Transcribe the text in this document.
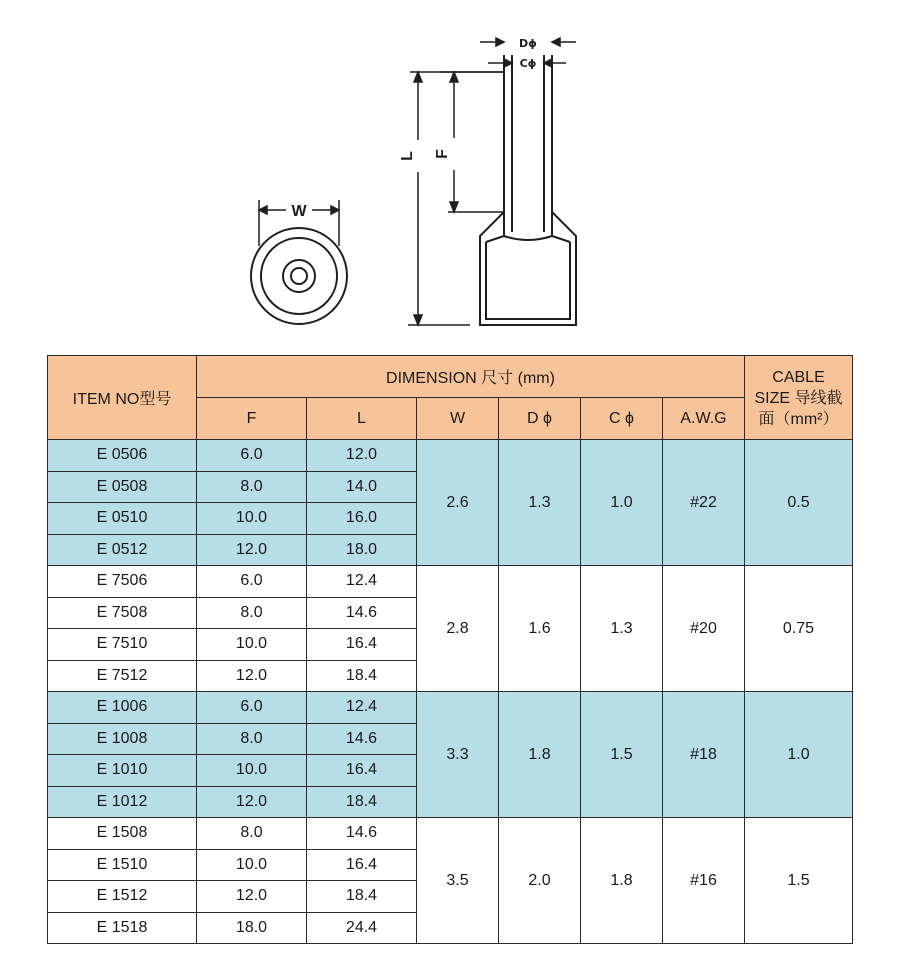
W
Dϕ
Cϕ
L F
ITEM NO型号	DIMENSION 尺寸 (mm)						CABLE
SIZE 导线截
面（mm²）

	F	L	W	D ϕ	C ϕ	A.W.G	
E 0506	6.0	12.0	2.6	1.3	1.0	#22	0.5
E 0508	8.0	14.0					
E 0510	10.0	16.0					
E 0512	12.0	18.0					
E 7506	6.0	12.4	2.8	1.6	1.3	#20	0.75
E 7508	8.0	14.6					
E 7510	10.0	16.4					
E 7512	12.0	18.4					
E 1006	6.0	12.4	3.3	1.8	1.5	#18	1.0
E 1008	8.0	14.6					
E 1010	10.0	16.4					
E 1012	12.0	18.4					
E 1508	8.0	14.6	3.5	2.0	1.8	#16	1.5
E 1510	10.0	16.4					
E 1512	12.0	18.4					
E 1518	18.0	24.4					
